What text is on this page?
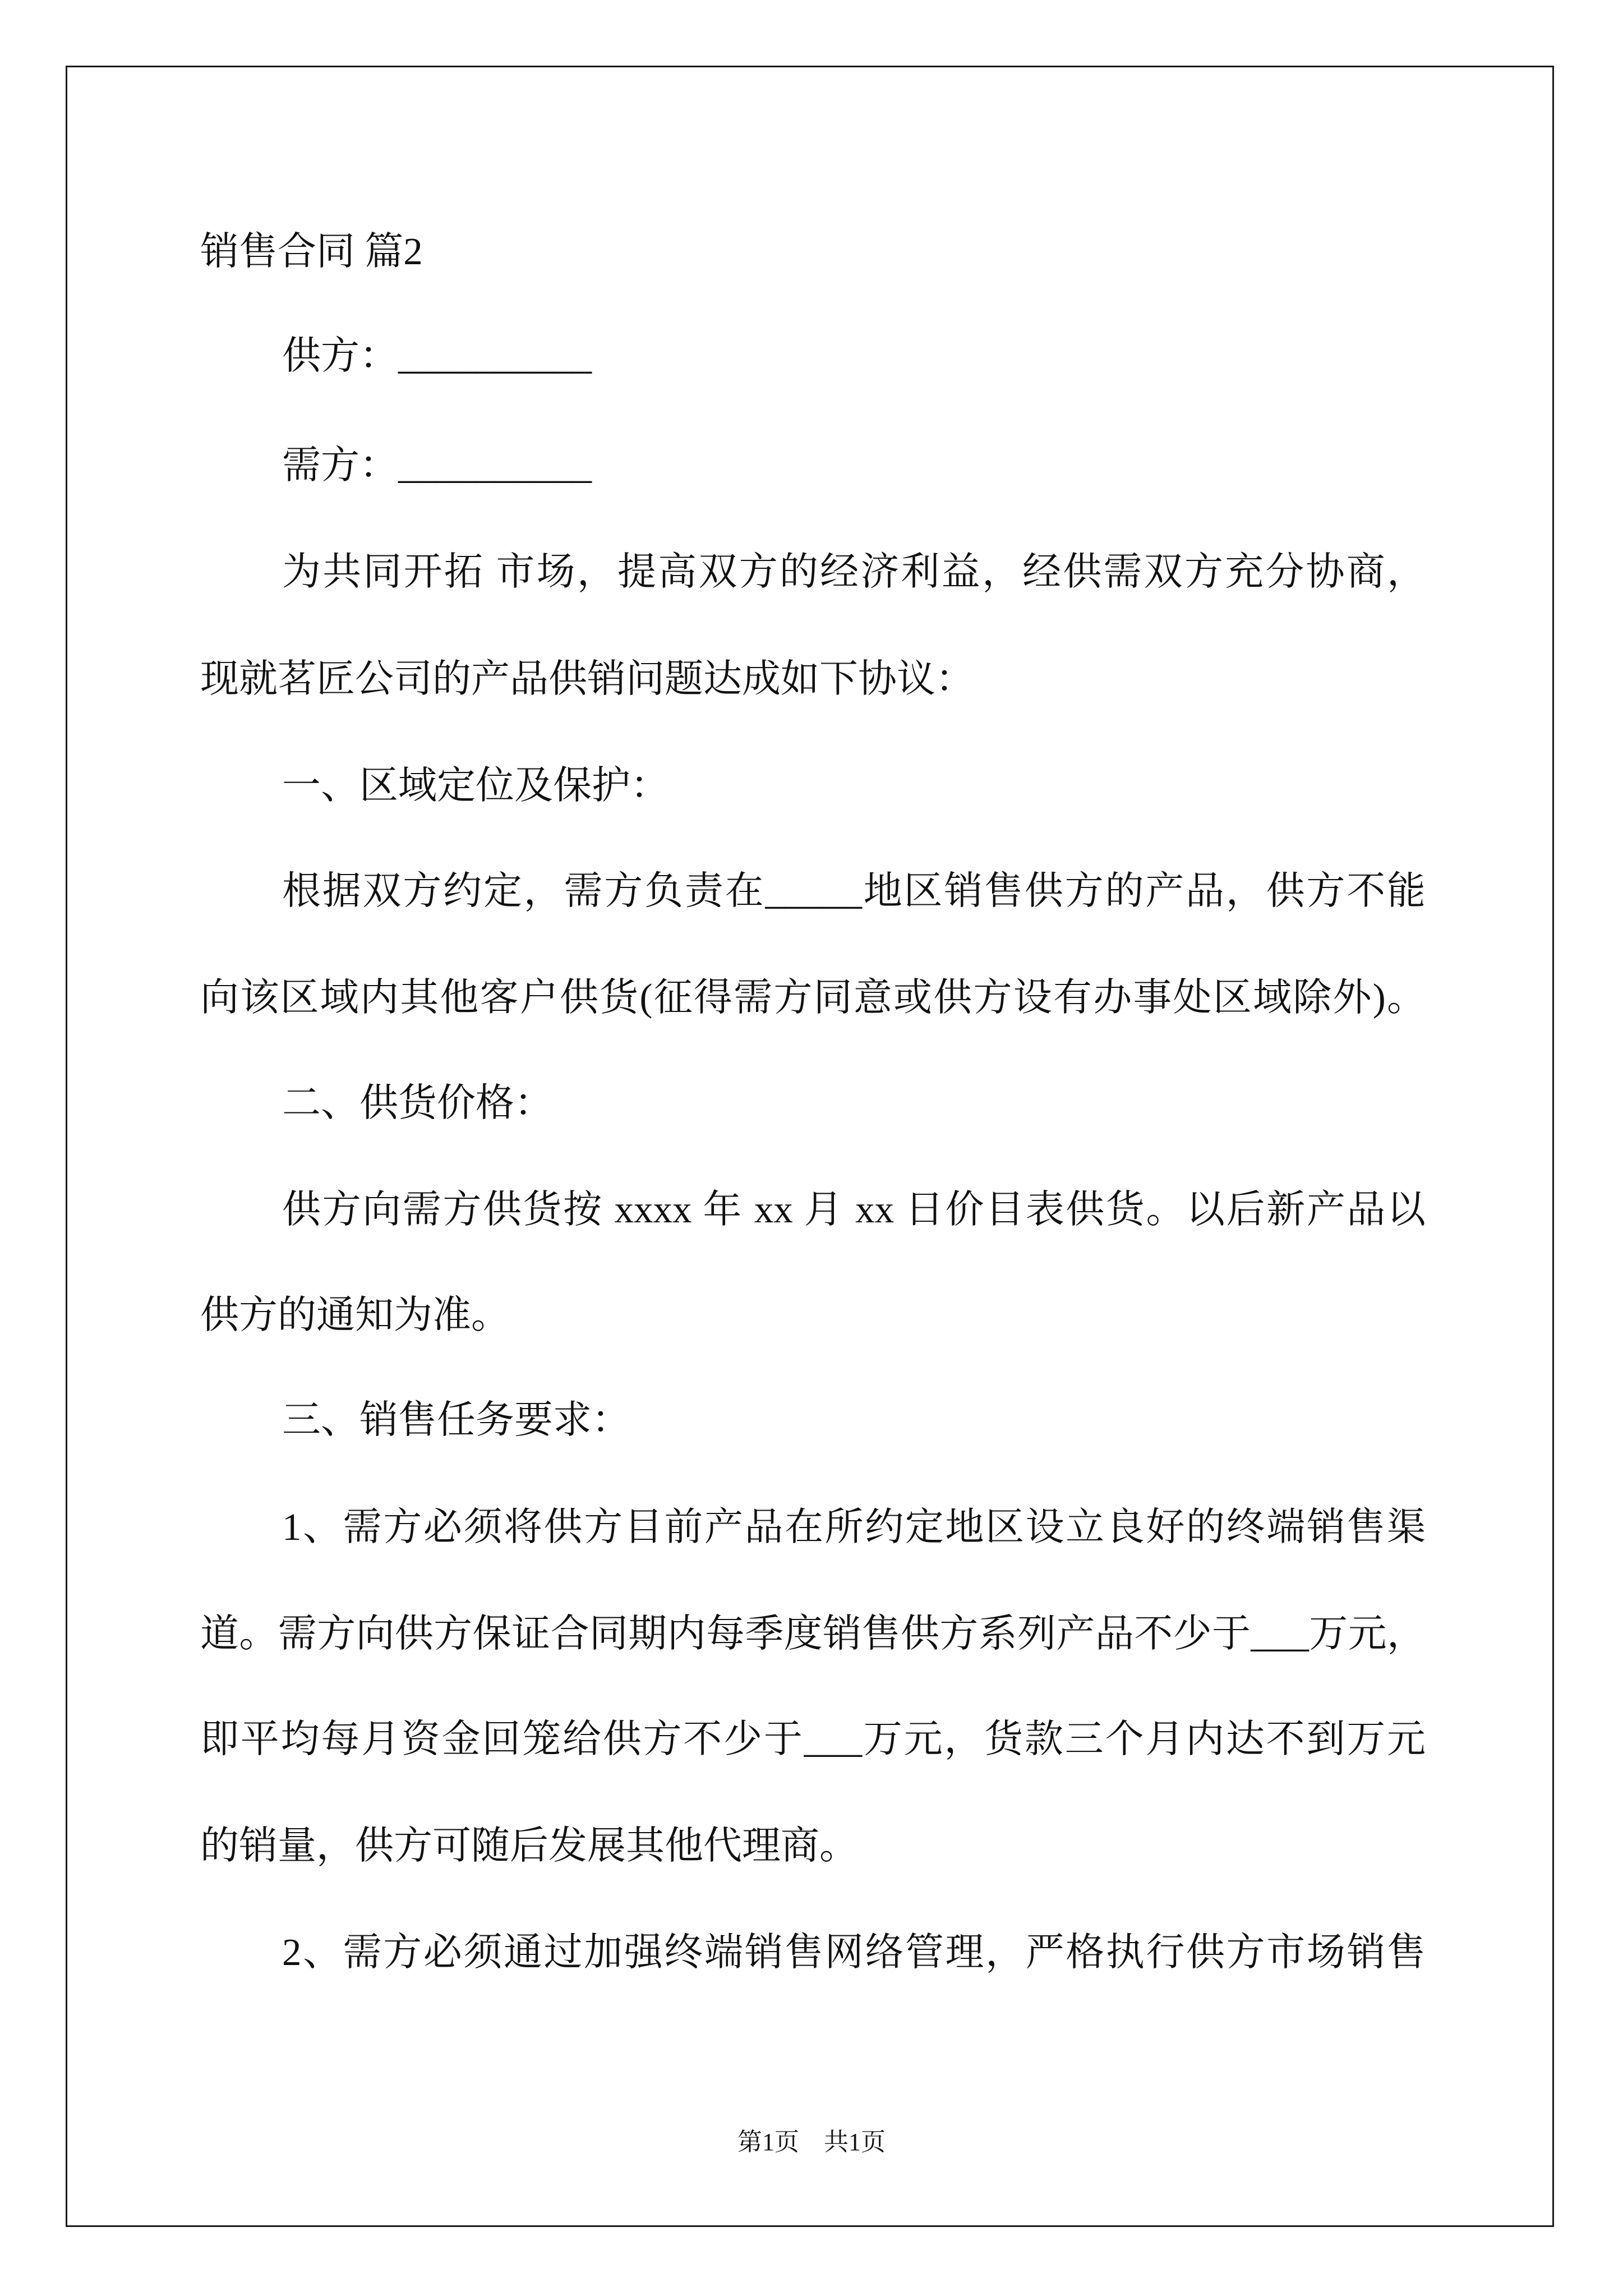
销售合同 篇2
供方：__________
需方：__________
为共同开拓 市场，提高双方的经济利益，经供需双方充分协商，
现就茗匠公司的产品供销问题达成如下协议：
一、区域定位及保护：
根据双方约定，需方负责在_____地区销售供方的产品，供方不能
向该区域内其他客户供货(征得需方同意或供方设有办事处区域除外)。
二、供货价格：
供方向需方供货按 xxxx 年 xx 月 xx 日价目表供货。以后新产品以
供方的通知为准。
三、销售任务要求：
1、需方必须将供方目前产品在所约定地区设立良好的终端销售渠
道。需方向供方保证合同期内每季度销售供方系列产品不少于___万元，
即平均每月资金回笼给供方不少于___万元，货款三个月内达不到万元
的销量，供方可随后发展其他代理商。
2、需方必须通过加强终端销售网络管理，严格执行供方市场销售
第1页　共1页
